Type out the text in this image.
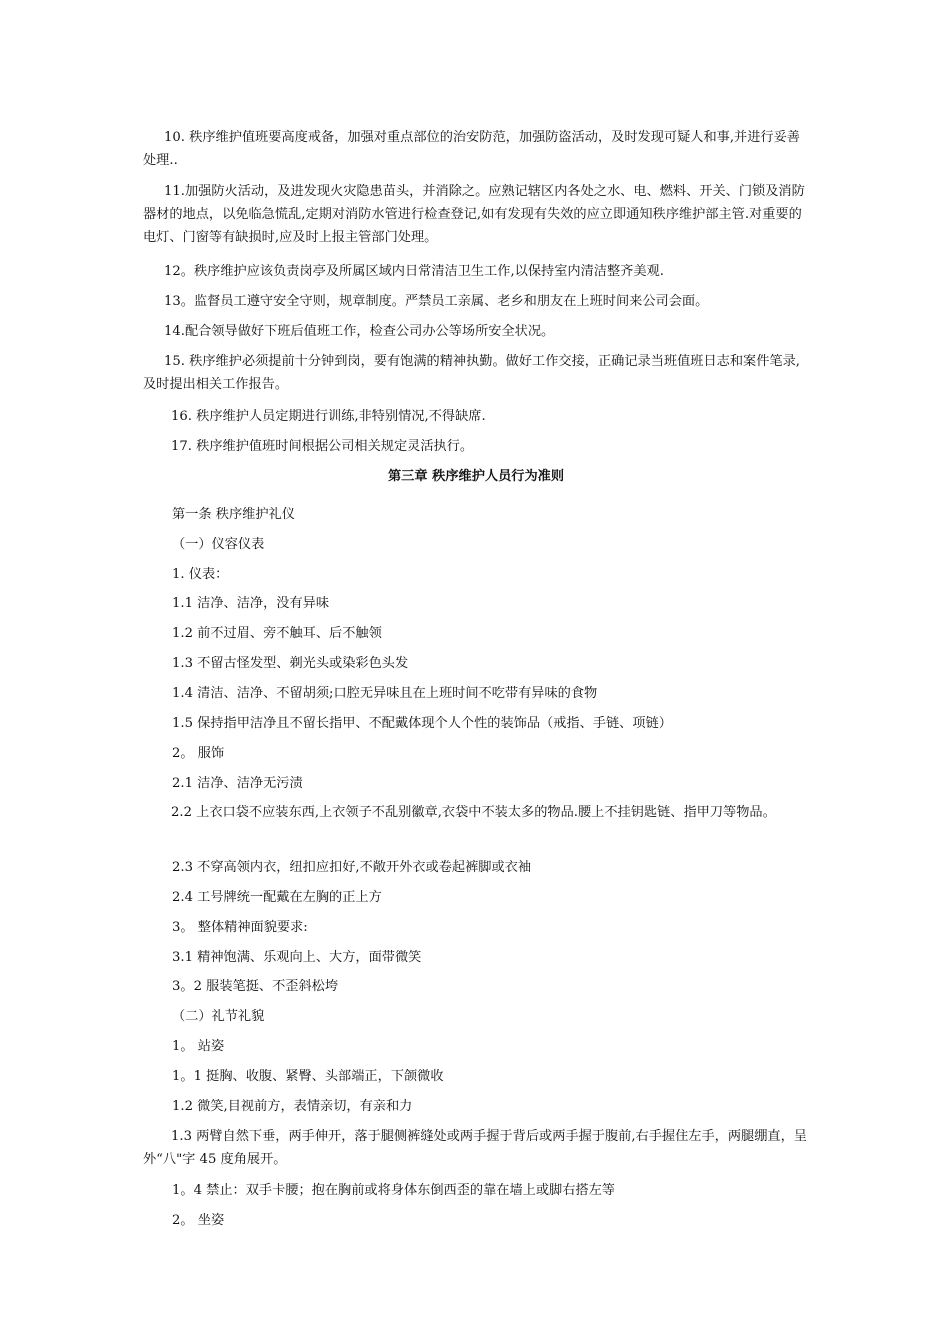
10. 秩序维护值班要高度戒备，加强对重点部位的治安防范，加强防盗活动，及时发现可疑人和事,并进行妥善处理..
11.加强防火活动，及进发现火灾隐患苗头，并消除之。应熟记辖区内各处之水、电、燃料、开关、门锁及消防器材的地点，以免临急慌乱,定期对消防水管进行检查登记,如有发现有失效的应立即通知秩序维护部主管.对重要的电灯、门窗等有缺损时,应及时上报主管部门处理。
12。秩序维护应该负责岗亭及所属区域内日常清洁卫生工作,以保持室内清洁整齐美观.
13。监督员工遵守安全守则，规章制度。严禁员工亲属、老乡和朋友在上班时间来公司会面。
14.配合领导做好下班后值班工作，检查公司办公等场所安全状况。
15. 秩序维护必须提前十分钟到岗，要有饱满的精神执勤。做好工作交接，正确记录当班值班日志和案件笔录,及时提出相关工作报告。
16. 秩序维护人员定期进行训练,非特别情况,不得缺席.
17. 秩序维护值班时间根据公司相关规定灵活执行。
第三章 秩序维护人员行为准则
第一条 秩序维护礼仪
（一）仪容仪表
1. 仪表：
1.1 洁净、洁净，没有异味
1.2 前不过眉、旁不触耳、后不触领
1.3 不留古怪发型、剃光头或染彩色头发
1.4 清洁、洁净、不留胡须;口腔无异味且在上班时间不吃带有异味的食物
1.5 保持指甲洁净且不留长指甲、不配戴体现个人个性的装饰品（戒指、手链、项链）
2。 服饰
2.1 洁净、洁净无污渍
2.2 上衣口袋不应装东西,上衣领子不乱别徽章,衣袋中不装太多的物品.腰上不挂钥匙链、指甲刀等物品。
2.3 不穿高领内衣，纽扣应扣好,不敞开外衣或卷起裤脚或衣袖
2.4 工号牌统一配戴在左胸的正上方
3。 整体精神面貌要求:
3.1 精神饱满、乐观向上、大方，面带微笑
3。2 服装笔挺、不歪斜松垮
（二）礼节礼貌
1。 站姿
1。1 挺胸、收腹、紧臀、头部端正，下颌微收
1.2 微笑,目视前方，表情亲切，有亲和力
1.3 两臂自然下垂，两手伸开，落于腿侧裤缝处或两手握于背后或两手握于腹前,右手握住左手，两腿绷直，呈外“八"字 45 度角展开。
1。4 禁止：双手卡腰；抱在胸前或将身体东倒西歪的靠在墙上或脚右搭左等
2。 坐姿
